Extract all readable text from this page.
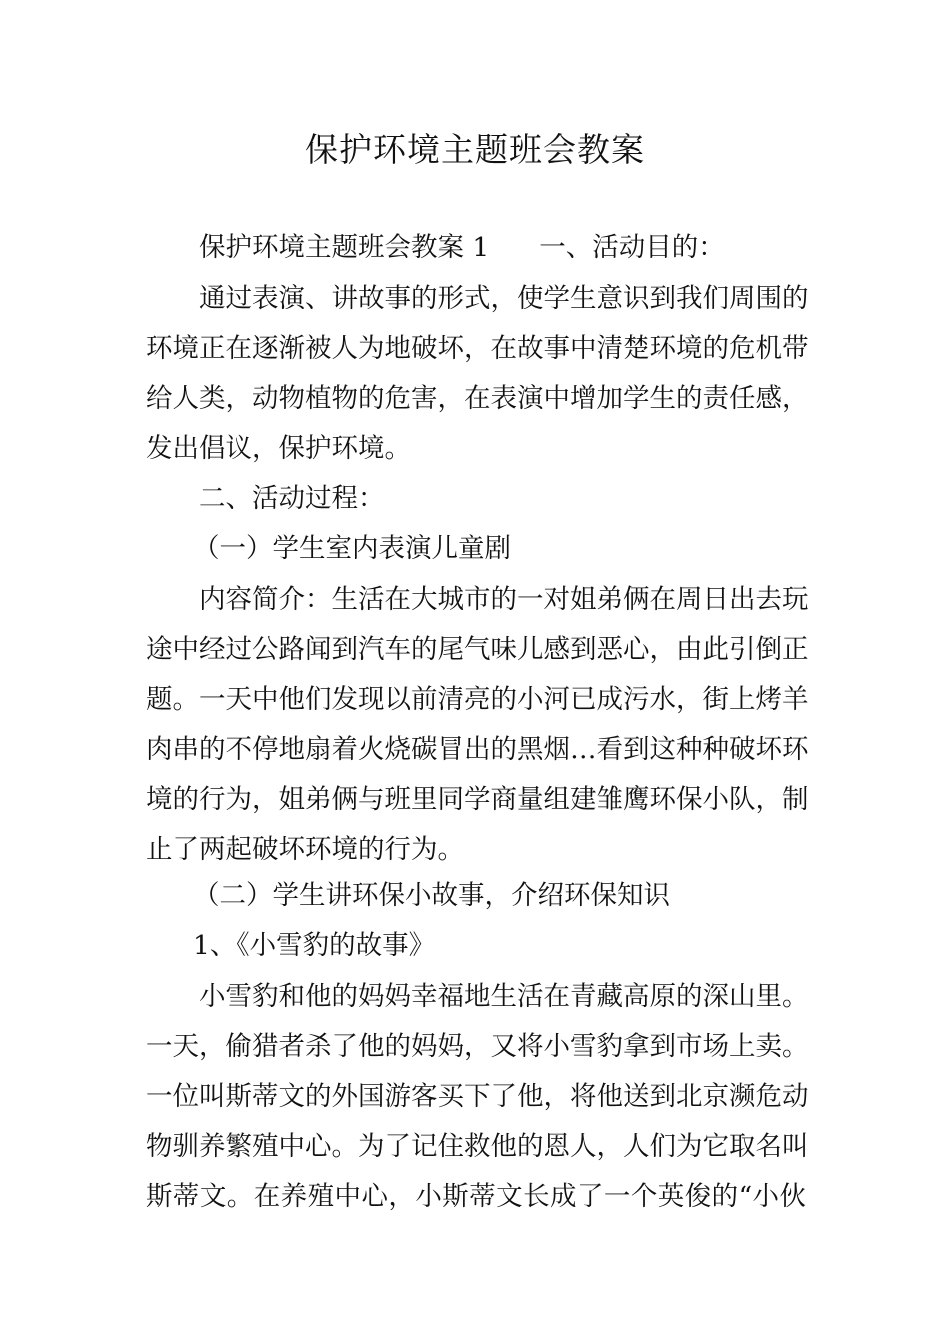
保护环境主题班会教案
保护环境主题班会教案 1 一、活动目的：
通过表演、讲故事的形式，使学生意识到我们周围的
环境正在逐渐被人为地破坏，在故事中清楚环境的危机带
给人类，动物植物的危害，在表演中增加学生的责任感，
发出倡议，保护环境。
二、活动过程：
（一）学生室内表演儿童剧
内容简介：生活在大城市的一对姐弟俩在周日出去玩
途中经过公路闻到汽车的尾气味儿感到恶心，由此引倒正
题。一天中他们发现以前清亮的小河已成污水，街上烤羊
肉串的不停地扇着火烧碳冒出的黑烟…看到这种种破坏环
境的行为，姐弟俩与班里同学商量组建雏鹰环保小队，制
止了两起破坏环境的行为。
（二）学生讲环保小故事，介绍环保知识
1、《小雪豹的故事》
小雪豹和他的妈妈幸福地生活在青藏高原的深山里。
一天，偷猎者杀了他的妈妈，又将小雪豹拿到市场上卖。
一位叫斯蒂文的外国游客买下了他，将他送到北京濒危动
物驯养繁殖中心。为了记住救他的恩人，人们为它取名叫
斯蒂文。在养殖中心，小斯蒂文长成了一个英俊的“小伙
